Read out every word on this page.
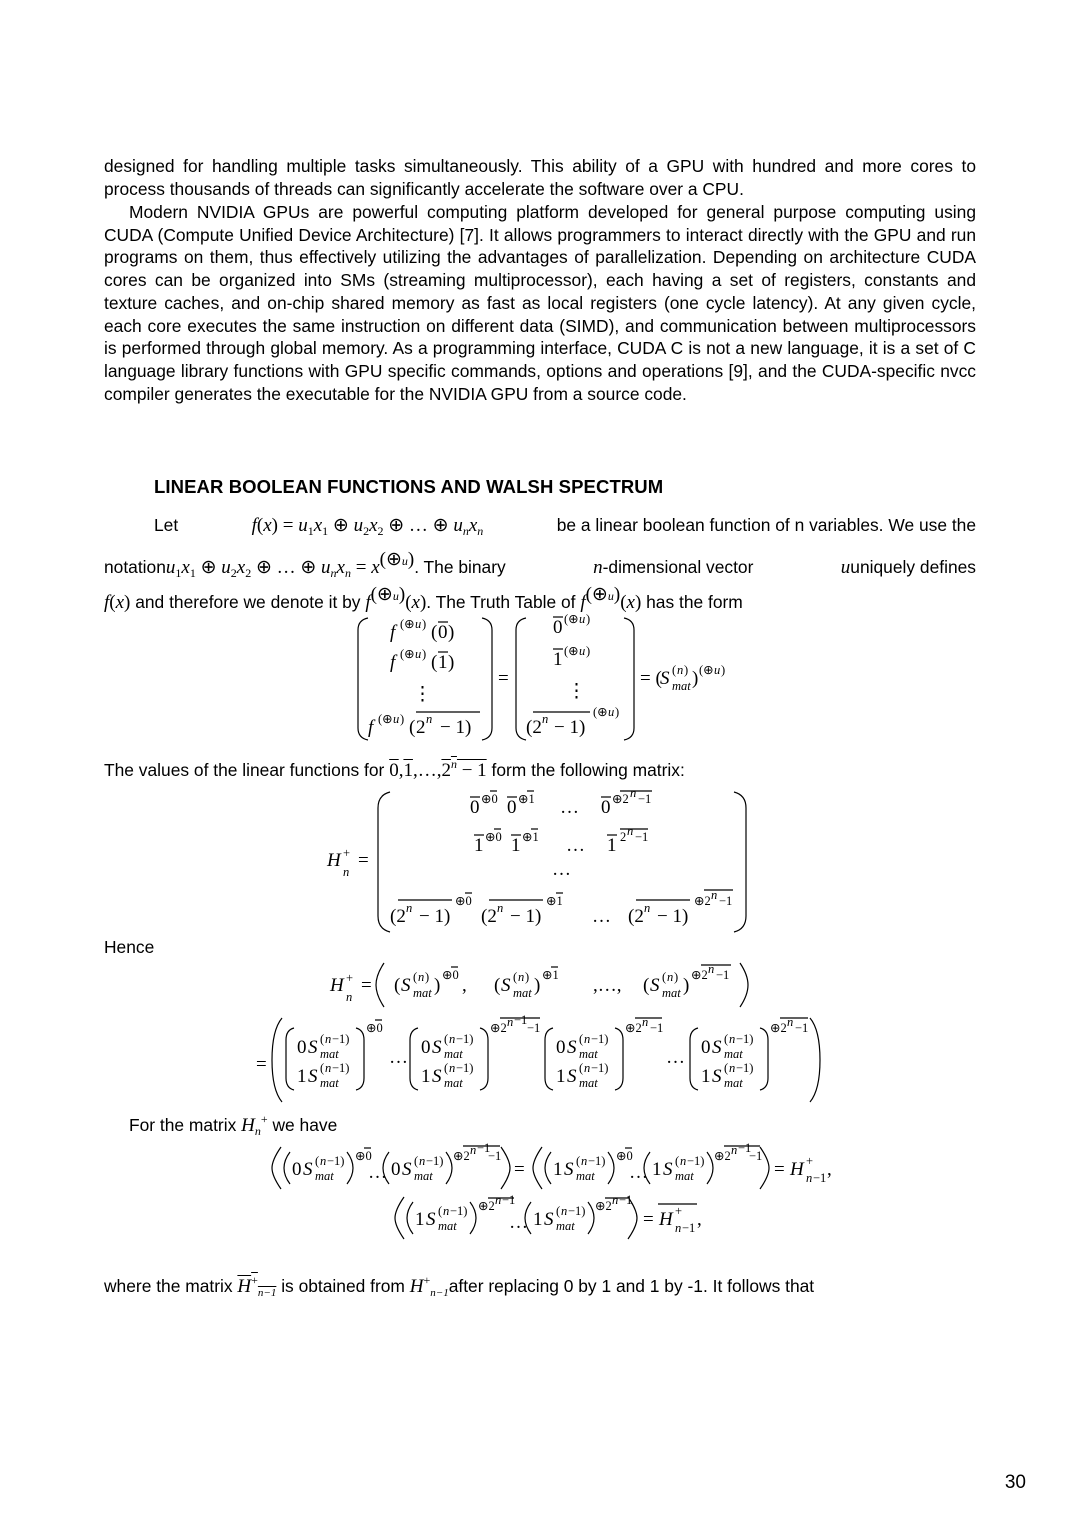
designed for handling multiple tasks simultaneously. This ability of a GPU with hundred and more cores to process thousands of threads can significantly accelerate the software over a CPU.

Modern NVIDIA GPUs are powerful computing platform developed for general purpose computing using CUDA (Compute Unified Device Architecture) [7]. It allows programmers to interact directly with the GPU and run programs on them, thus effectively utilizing the advantages of parallelization. Depending on architecture CUDA cores can be organized into SMs (streaming multiprocessor), each having a set of registers, constants and texture caches, and on-chip shared memory as fast as local registers (one cycle latency). At any given cycle, each core executes the same instruction on different data (SIMD), and communication between multiprocessors is performed through global memory. As a programming interface, CUDA C is not a new language, it is a set of C language library functions with GPU specific commands, options and operations [9], and the CUDA-specific nvcc compiler generates the executable for the NVIDIA GPU from a source code.

LINEAR BOOLEAN FUNCTIONS AND WALSH SPECTRUM
Let	$f(x) = u_1x_1$ ⊕ $u_2x_2$ ⊕ … ⊕ $u_nx_n$	be a linear boolean function of n variables. We use the
$notationu_1x_1$ ⊕ $u_2x_2$ ⊕ … ⊕ $u_nx_n = x^{(\oplus u)}$. The binary	n-dimensional vector	uuniquely defines
f(x) and therefore we denote it by $f^{(\oplus u)}(x)$. The Truth Table of $f^{(\oplus u)}(x)$ has the form
The values of the linear functions for $0,1,\dots,2^n - 1$ form the following matrix:
Hence
For the matrix $H_n^+$ we have
where the matrix $H^+_{n-1}$ is obtained from $H^+_{n-1}after$ replacing 0 by 1 and 1 by -1. It follows that
f (⊕ u ) ( 0 )
f (⊕ u ) ( 1 )
⋮
f (⊕ u ) ( 2 n − 1)
=
0 (⊕ u )
1 (⊕ u )
⋮
(2 n − 1)
(⊕ u )
= (
S ( n )
mat ) (⊕ u )
H
n
+ =
0 ⊕0 0 ⊕1 … 0 ⊕2 n −1
1 ⊕0 1 ⊕1 … 1 2 n −1
…
(2 n − 1)
⊕0
(2 n − 1)
⊕1
… (2 n − 1)
⊕2 n −1
H
n
+ = ( S ( n )
mat ) ⊕0 , ( S ( n )
mat ) ⊕1 ,…, ( S ( n )
mat ) ⊕2 n −1
=
0 S ( n −1)
mat
1 S ( n −1)
mat
⊕0
… 0 S ( n −1)
mat
1 S ( n −1)
mat
⊕2 n −1
−1
0 S ( n −1)
mat
1 S ( n −1)
mat
⊕2 n −1
… 0 S ( n −1)
mat
1 S ( n −1)
mat
⊕2 n −1
0 S ( n −1)
mat
⊕0
… 0 S ( n −1)
mat
⊕2 n −1
−1
= 1 S ( n −1)
mat
⊕0
… 1 S ( n −1)
mat
⊕2 n −1
−1
= H +
n −1 ,
1 S ( n −1)
mat
⊕2 n −1
… 1 S ( n −1)
mat
⊕2 n −1
= H +
n −1 ,
30
